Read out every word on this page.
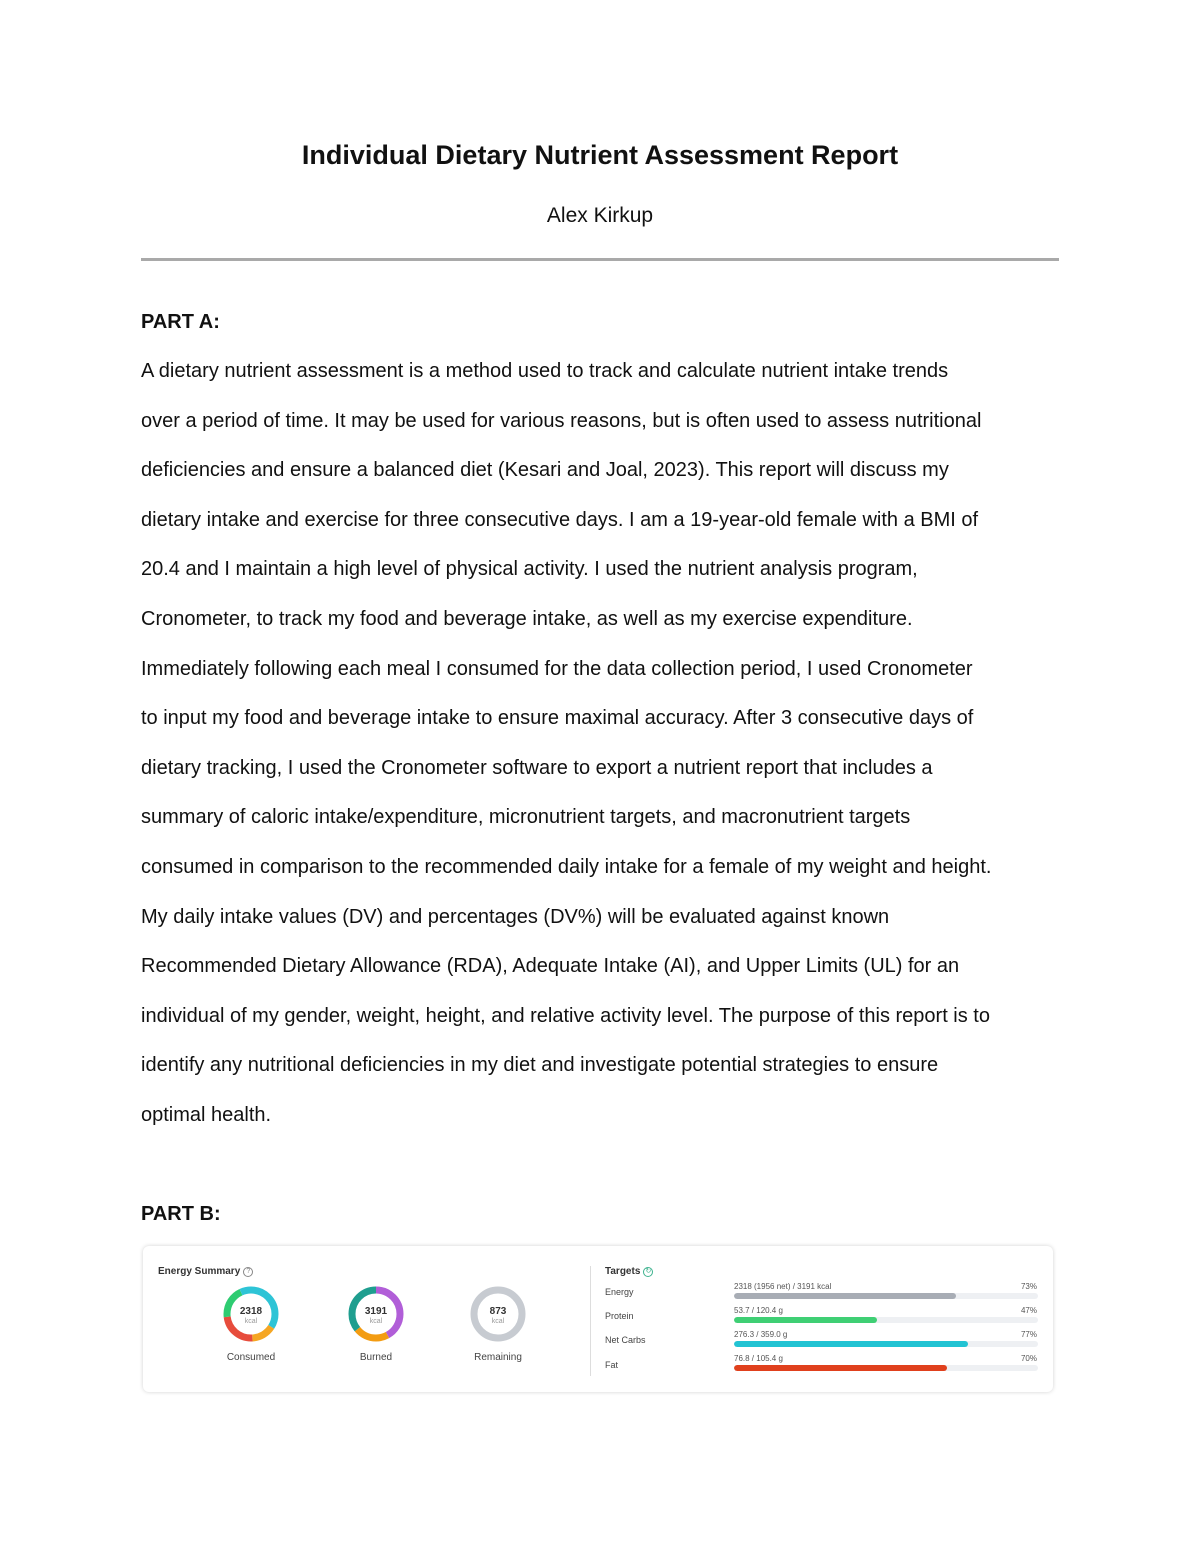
Individual Dietary Nutrient Assessment Report
Alex Kirkup
PART A:

A dietary nutrient assessment is a method used to track and calculate nutrient intake trends
over a period of time. It may be used for various reasons, but is often used to assess nutritional
deficiencies and ensure a balanced diet (Kesari and Joal, 2023). This report will discuss my
dietary intake and exercise for three consecutive days. I am a 19-year-old female with a BMI of
20.4 and I maintain a high level of physical activity. I used the nutrient analysis program,
Cronometer, to track my food and beverage intake, as well as my exercise expenditure.
Immediately following each meal I consumed for the data collection period, I used Cronometer
to input my food and beverage intake to ensure maximal accuracy. After 3 consecutive days of
dietary tracking, I used the Cronometer software to export a nutrient report that includes a
summary of caloric intake/expenditure, micronutrient targets, and macronutrient targets
consumed in comparison to the recommended daily intake for a female of my weight and height.
My daily intake values (DV) and percentages (DV%) will be evaluated against known
Recommended Dietary Allowance (RDA), Adequate Intake (AI), and Upper Limits (UL) for an
individual of my gender, weight, height, and relative activity level. The purpose of this report is to
identify any nutritional deficiencies in my diet and investigate potential strategies to ensure
optimal health.

PART B:
Energy Summary ?
2318
kcal
Consumed
3191
kcal
Burned
873
kcal
Remaining
Targets ↻
Energy
2318 (1956 net) / 3191 kcal	73%
Protein
53.7 / 120.4 g	47%
Net Carbs
276.3 / 359.0 g	77%
Fat
76.8 / 105.4 g	70%
